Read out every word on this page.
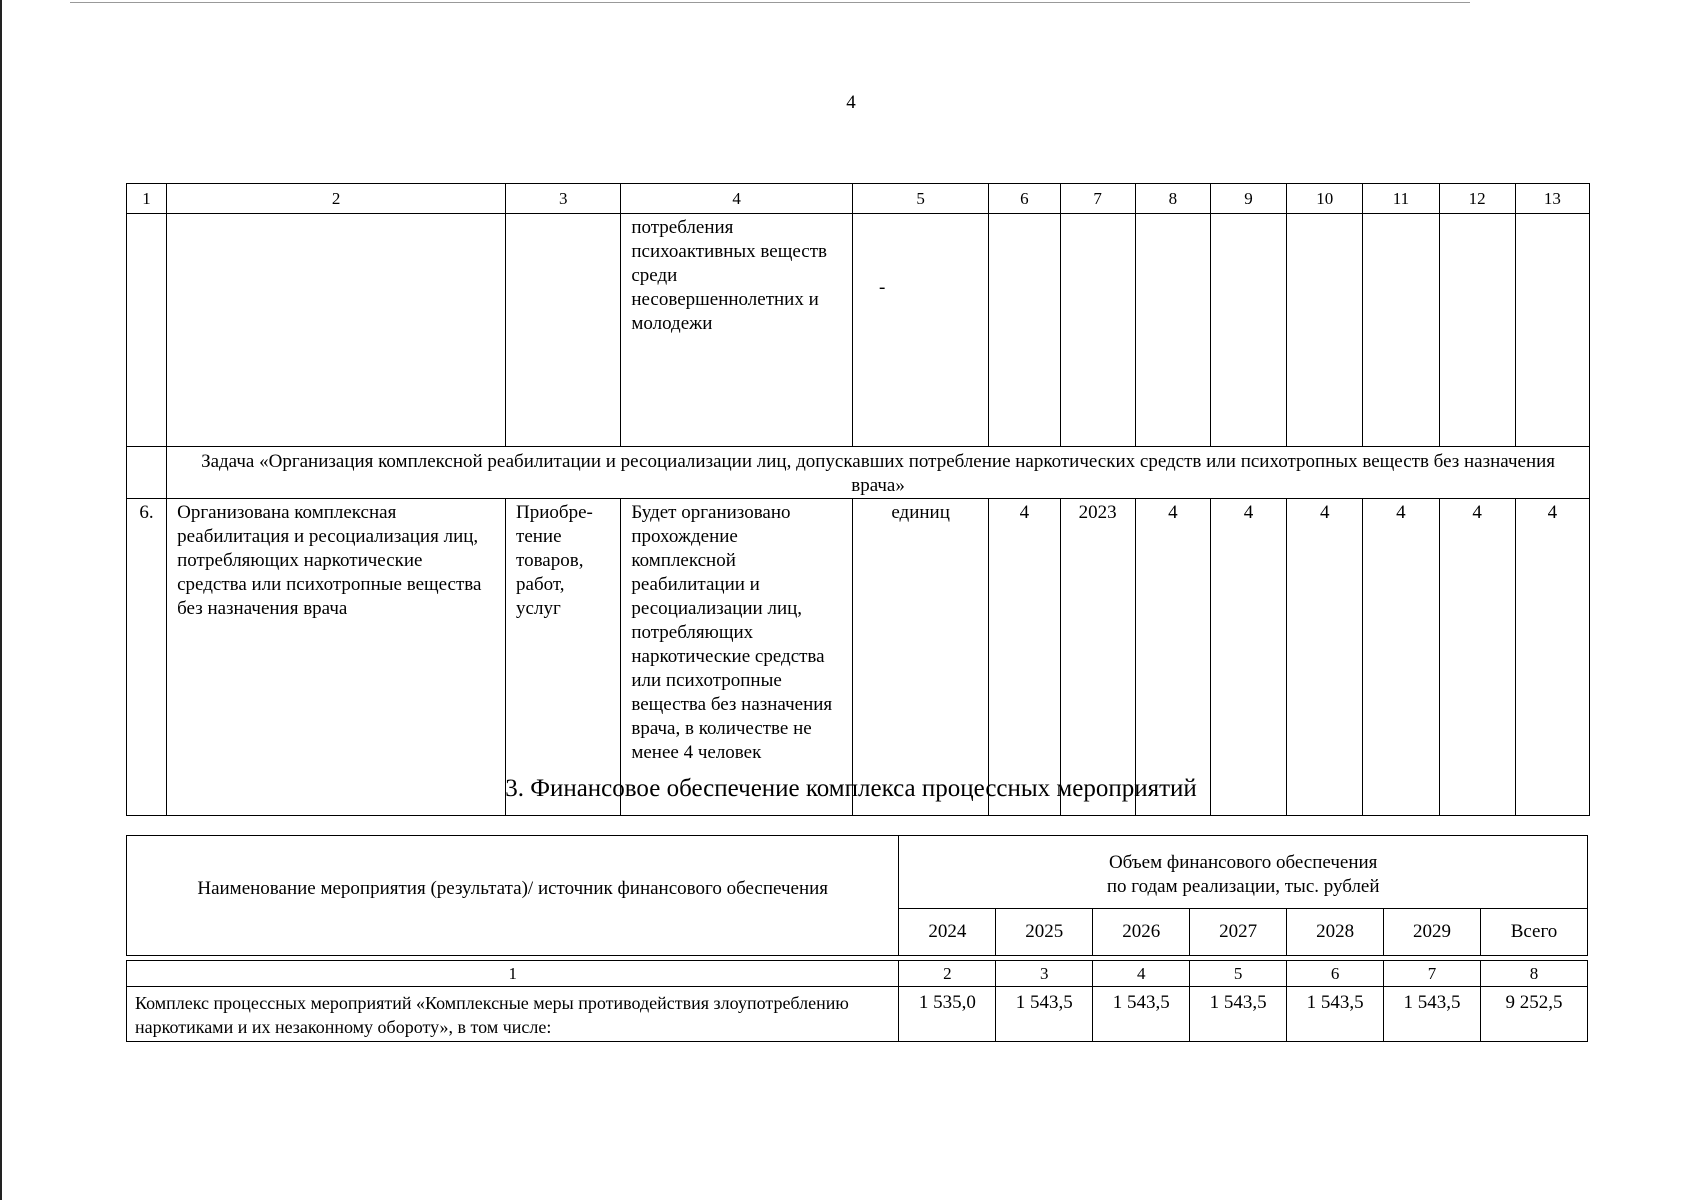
4
1	2	3	4	5	6	7	8	9	10	11	12	13
			потребления психоактивных веществ среди несовершеннолетних и молодежи	-								
	Задача «Организация комплексной реабилитации и ресоциализации лиц, допускавших потребление наркотических средств или психотропных веществ без назначения врача»											
6.	Организована комплексная реабилитация и ресоциализация лиц, потребляющих наркотические средства или психотропные вещества без назначения врача	Приобре-тение товаров, работ, услуг	Будет организовано прохождение комплексной реабилитации и ресоциализации лиц, потребляющих наркотические средства или психотропные вещества без назначения врача, в количестве не менее 4 человек	единиц	4	2023	4	4	4	4	4	4
3. Финансовое обеспечение комплекса процессных мероприятий
Наименование мероприятия (результата)/ источник финансового обеспечения	Объем финансового обеспечения
по годам реализации, тыс. рублей						

	2024	2025	2026	2027	2028	2029	Всего

1	2	3	4	5	6	7	8
Комплекс процессных мероприятий «Комплексные меры противодействия злоупотреблению наркотиками и их незаконному обороту», в том числе:	1 535,0	1 543,5	1 543,5	1 543,5	1 543,5	1 543,5	9 252,5
